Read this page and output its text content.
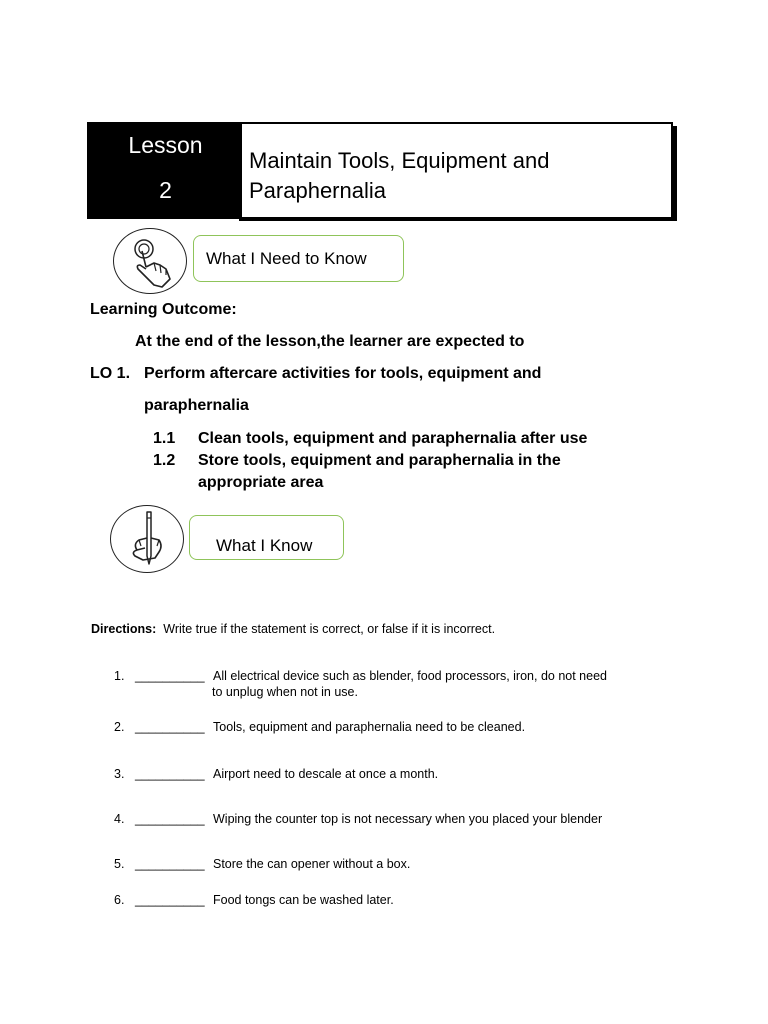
Lesson
2
Maintain Tools, Equipment and
Paraphernalia
What I Need to Know
Learning Outcome:
At the end of the lesson,the learner are expected to
LO 1. Perform aftercare activities for tools, equipment and
paraphernalia
1.1 Clean tools, equipment and paraphernalia after use
1.2 Store tools, equipment and paraphernalia in the
appropriate area
What I Know
Directions: Write true if the statement is correct, or false if it is incorrect.
1. __________ All electrical device such as blender, food processors, iron, do not need

to unplug when not in use.
2. __________ Tools, equipment and paraphernalia need to be cleaned.
3. __________ Airport need to descale at once a month.
4. __________ Wiping the counter top is not necessary when you placed your blender
5. __________ Store the can opener without a box.
6. __________ Food tongs can be washed later.
